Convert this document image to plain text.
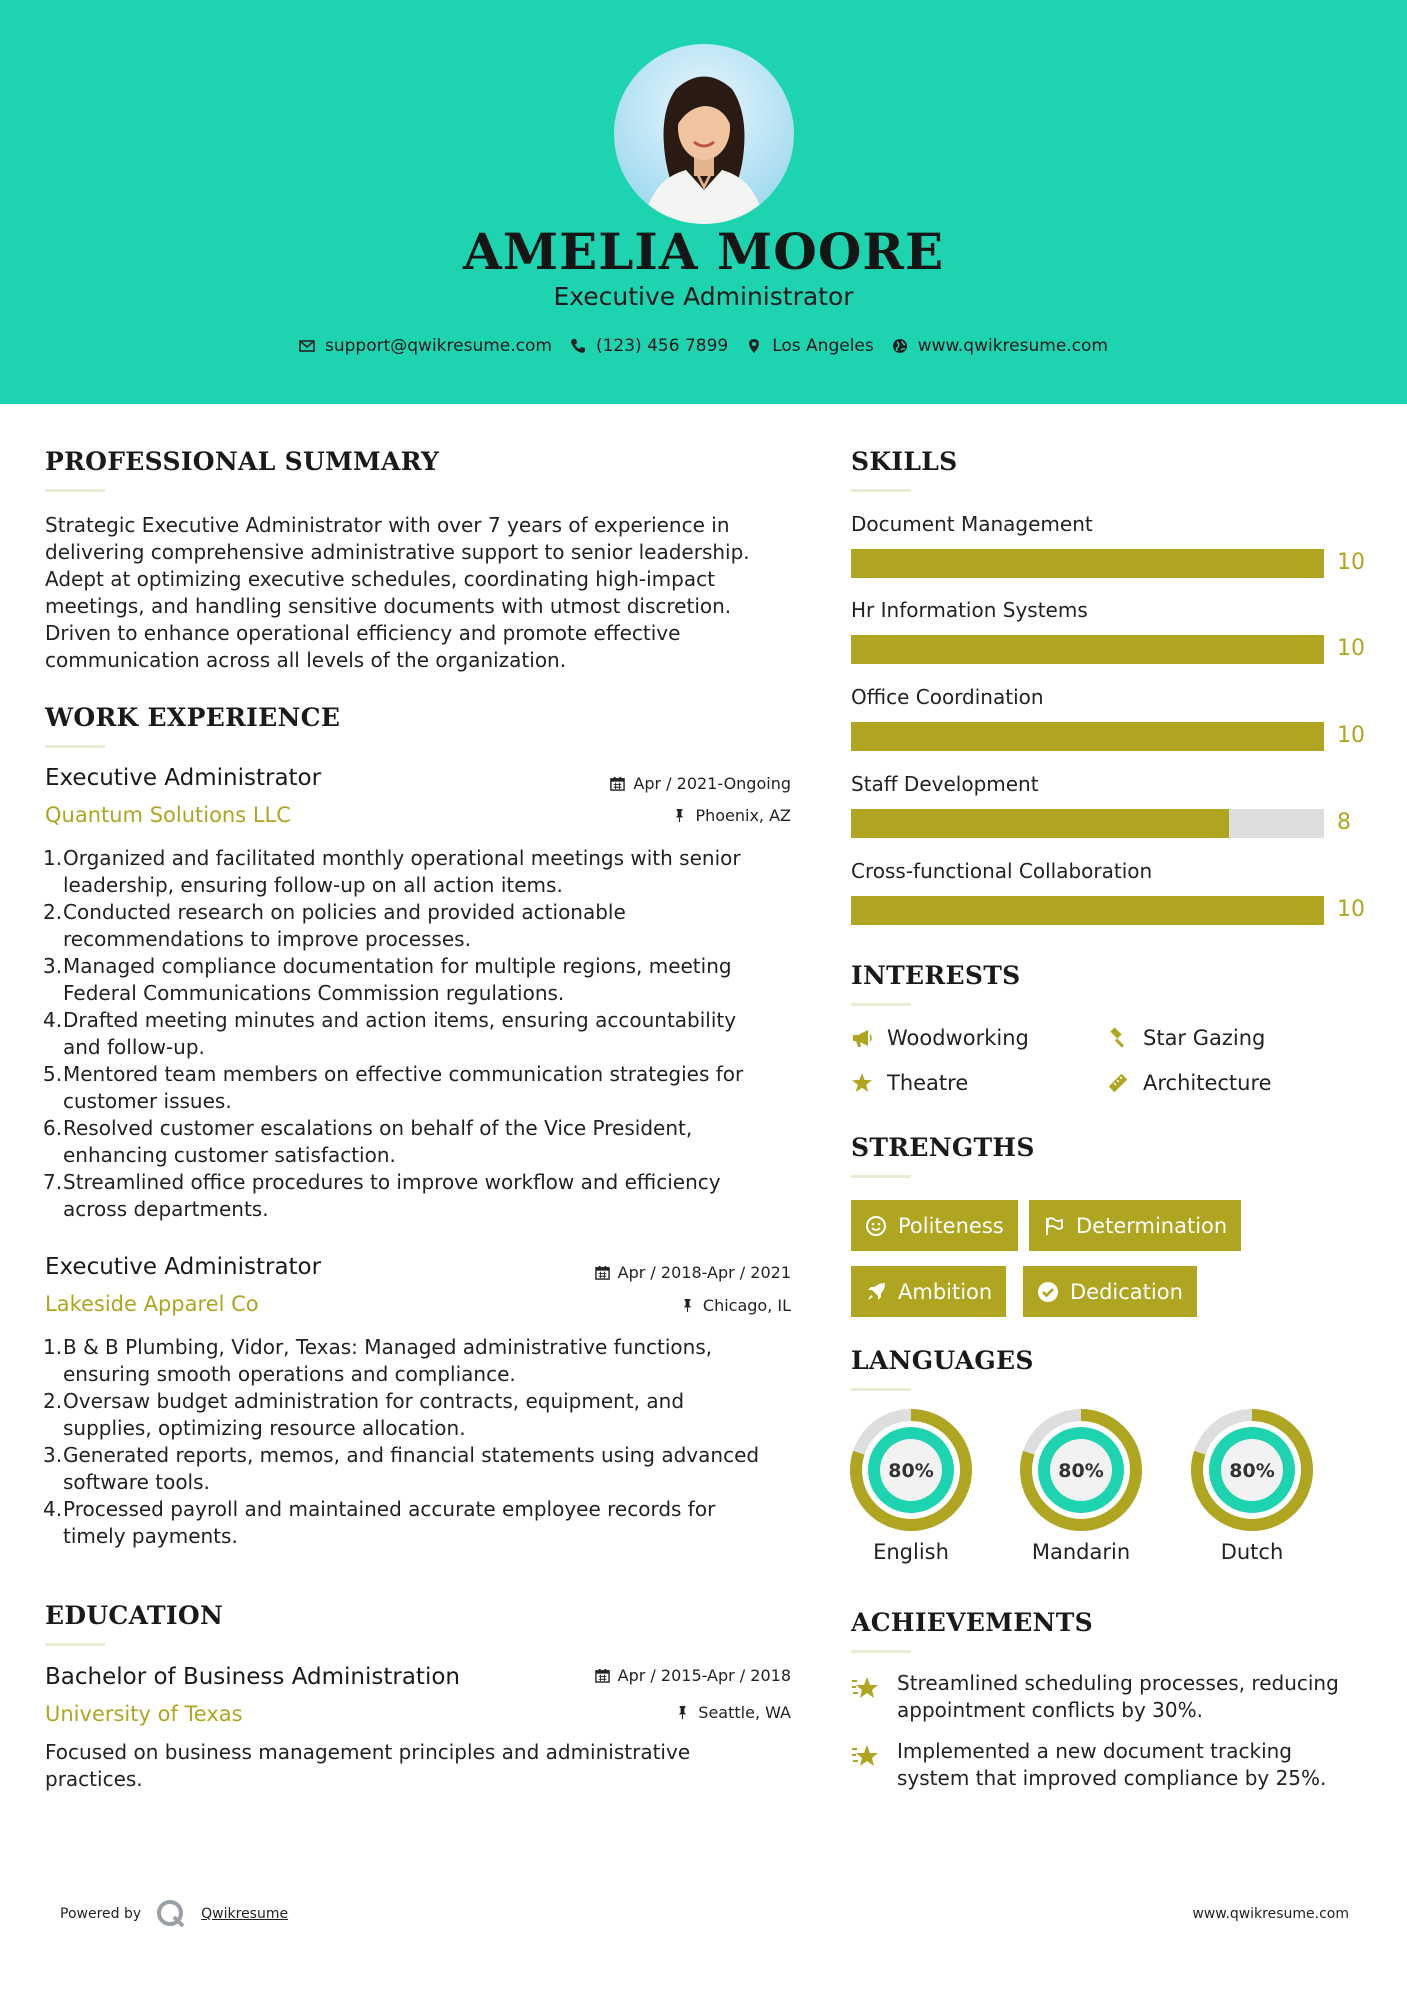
AMELIA MOORE
Executive Administrator
support@qwikresume.com	(123) 456 7899	Los Angeles	www.qwikresume.com
PROFESSIONAL SUMMARY
Strategic Executive Administrator with over 7 years of experience in
delivering comprehensive administrative support to senior leadership.
Adept at optimizing executive schedules, coordinating high-impact
meetings, and handling sensitive documents with utmost discretion.
Driven to enhance operational efficiency and promote effective
communication across all levels of the organization.
WORK EXPERIENCE
Executive Administrator	Apr / 2021-Ongoing
Quantum Solutions LLC	Phoenix, AZ
1. Organized and facilitated monthly operational meetings with senior
leadership, ensuring follow-up on all action items.
2. Conducted research on policies and provided actionable
recommendations to improve processes.
3. Managed compliance documentation for multiple regions, meeting
Federal Communications Commission regulations.
4. Drafted meeting minutes and action items, ensuring accountability
and follow-up.
5. Mentored team members on effective communication strategies for
customer issues.
6. Resolved customer escalations on behalf of the Vice President,
enhancing customer satisfaction.
7. Streamlined office procedures to improve workflow and efficiency
across departments.
Executive Administrator	Apr / 2018-Apr / 2021
Lakeside Apparel Co	Chicago, IL
1. B & B Plumbing, Vidor, Texas: Managed administrative functions,
ensuring smooth operations and compliance.
2. Oversaw budget administration for contracts, equipment, and
supplies, optimizing resource allocation.
3. Generated reports, memos, and financial statements using advanced
software tools.
4. Processed payroll and maintained accurate employee records for
timely payments.
EDUCATION
Bachelor of Business Administration	Apr / 2015-Apr / 2018
University of Texas	Seattle, WA
Focused on business management principles and administrative
practices.
SKILLS
Document Management
10
Hr Information Systems
10
Office Coordination
10
Staff Development
8
Cross-functional Collaboration
10
INTERESTS
Woodworking	Star Gazing
Theatre	Architecture
STRENGTHS
Politeness	Determination
Ambition	Dedication
LANGUAGES
80%
English
80%
Mandarin
80%
Dutch
ACHIEVEMENTS
Streamlined scheduling processes, reducing
appointment conflicts by 30%.
Implemented a new document tracking
system that improved compliance by 25%.
Powered by	Qwikresume	www.qwikresume.com
